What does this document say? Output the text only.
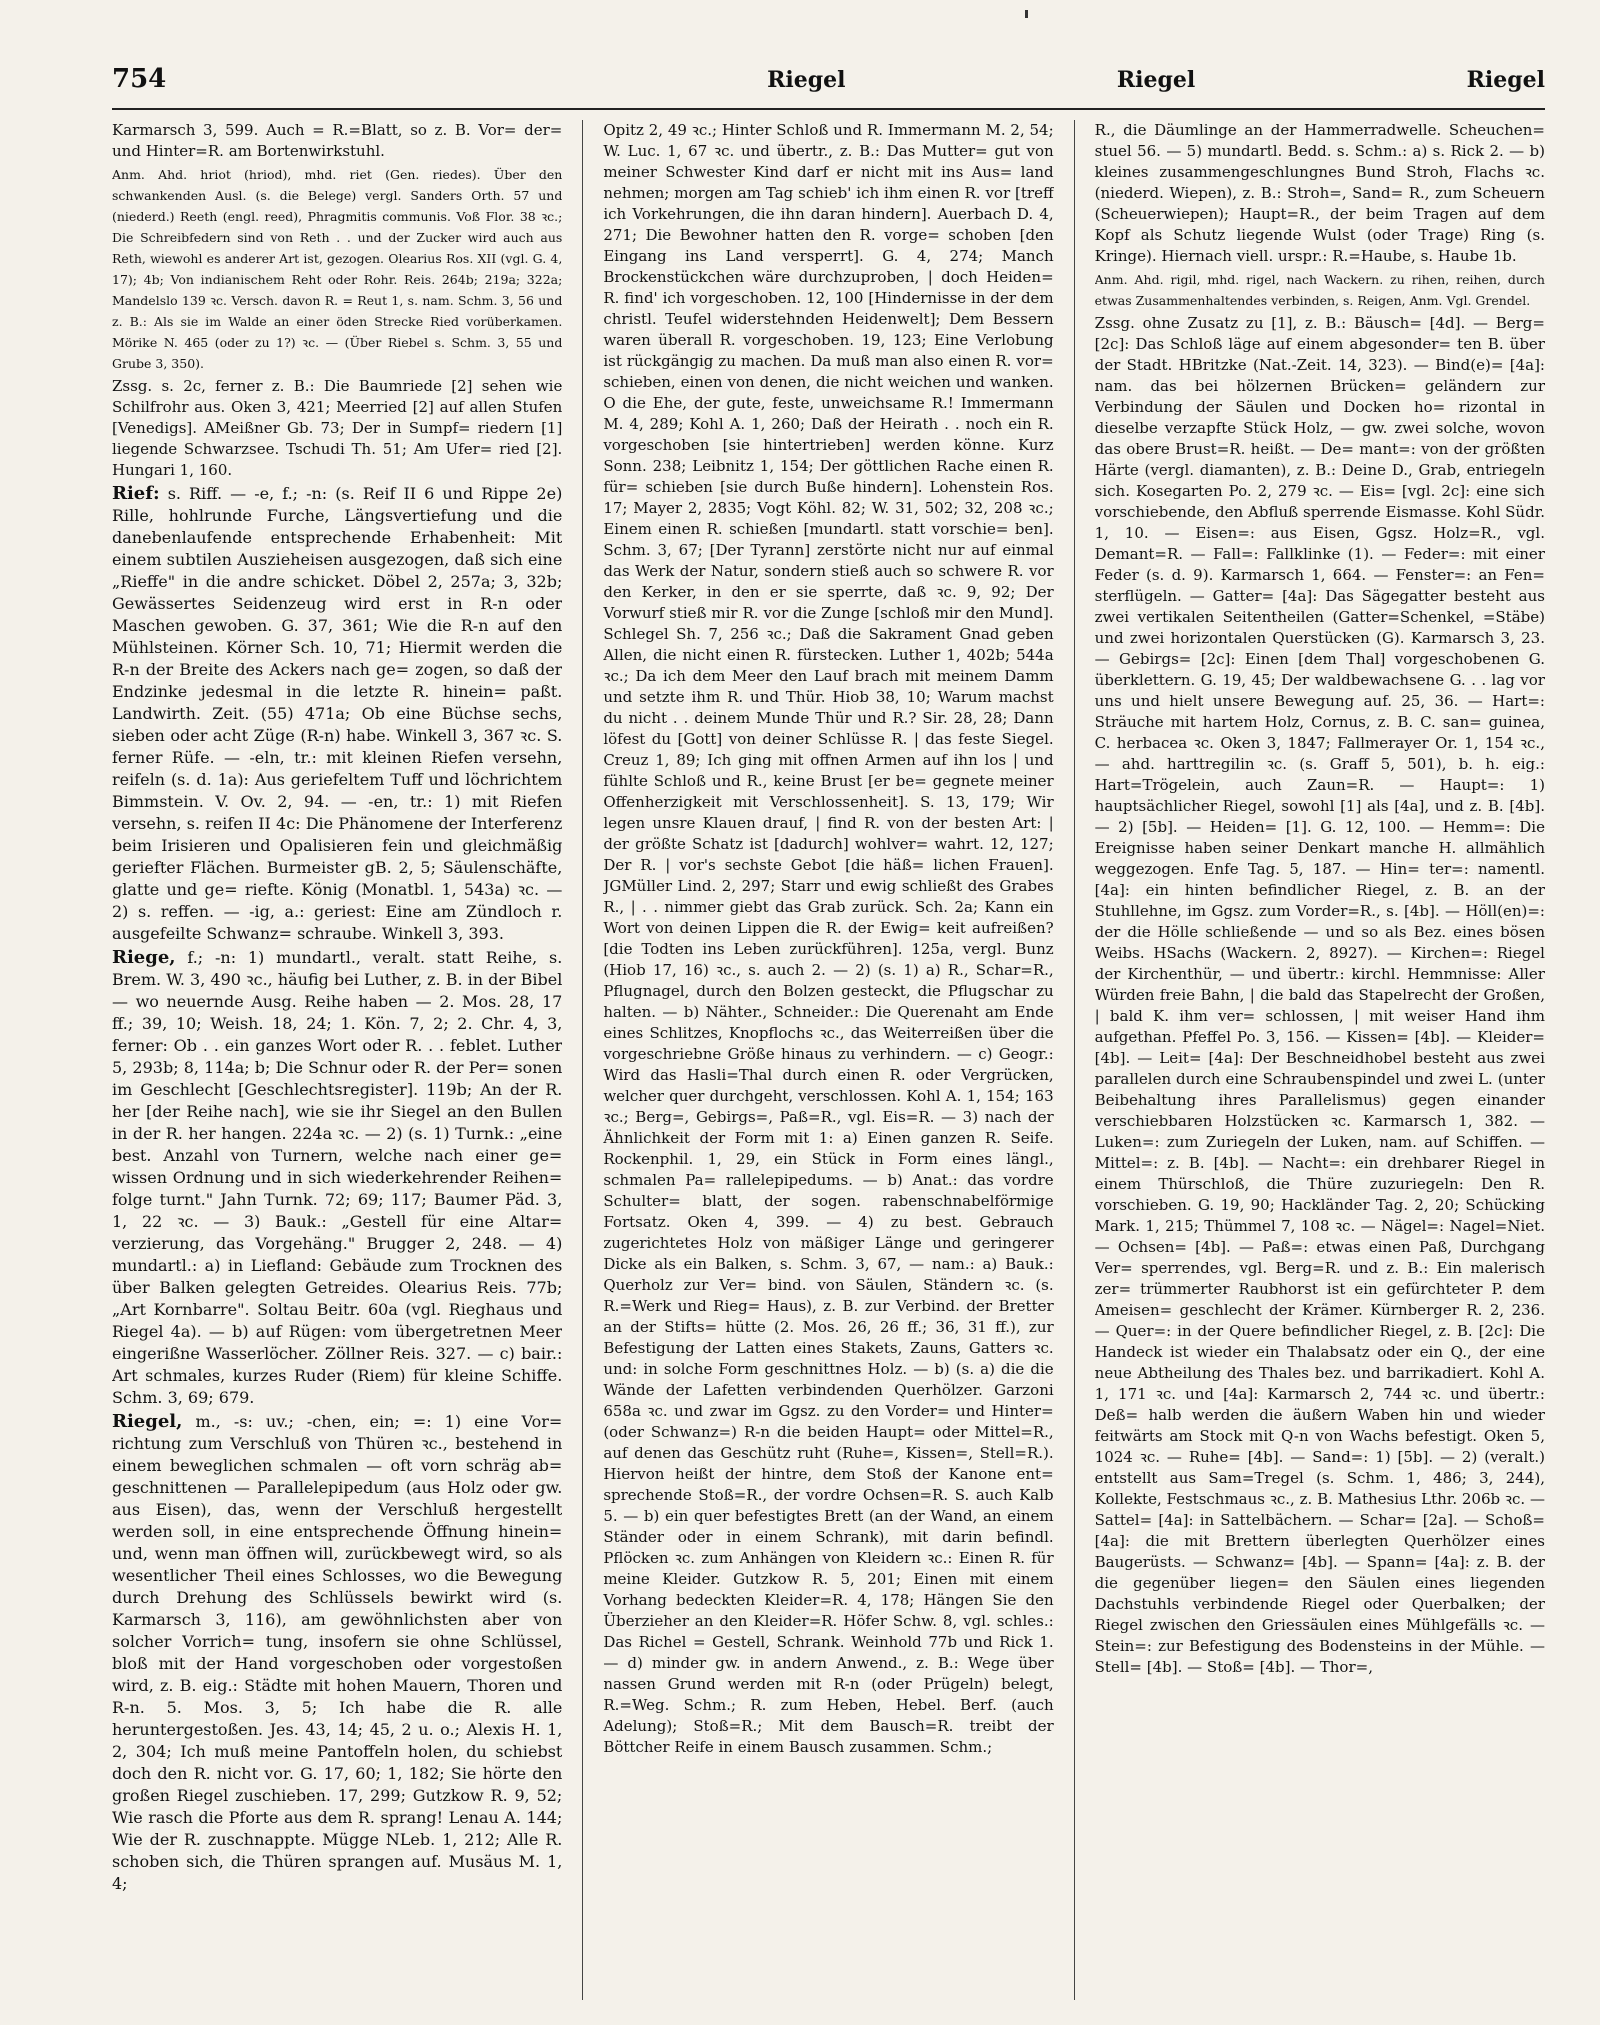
754	Riegel	Riegel	Riegel

Karmarsch 3, 599. Auch = R.=Blatt, so z. B. Vor= der= und Hinter=R. am Bortenwirkstuhl.

Anm. Ahd. hriot (hriod), mhd. riet (Gen. riedes). Über den schwankenden Ausl. (s. die Belege) vergl. Sanders Orth. 57 und (niederd.) Reeth (engl. reed), Phragmitis communis. Voß Flor. 38 ꝛc.; Die Schreibfedern sind von Reth . . und der Zucker wird auch aus Reth, wiewohl es anderer Art ist, gezogen. Olearius Ros. XII (vgl. G. 4, 17); 4b; Von indianischem Reht oder Rohr. Reis. 264b; 219a; 322a; Mandelslo 139 ꝛc. Versch. davon R. = Reut 1, s. nam. Schm. 3, 56 und z. B.: Als sie im Walde an einer öden Strecke Ried vorüberkamen. Mörike N. 465 (oder zu 1?) ꝛc. — (Über Riebel s. Schm. 3, 55 und Grube 3, 350).

Zssg. s. 2c, ferner z. B.: Die Baumriede [2] sehen wie Schilfrohr aus. Oken 3, 421; Meerried [2] auf allen Stufen [Venedigs]. AMeißner Gb. 73; Der in Sumpf= riedern [1] liegende Schwarzsee. Tschudi Th. 51; Am Ufer= ried [2]. Hungari 1, 160.

Rief: s. Riff. — -e, f.; -n: (s. Reif II 6 und Rippe 2e) Rille, hohlrunde Furche, Längsvertiefung und die danebenlaufende entsprechende Erhabenheit: Mit einem subtilen Auszieheisen ausgezogen, daß sich eine „Rieffe" in die andre schicket. Döbel 2, 257a; 3, 32b; Gewässertes Seidenzeug wird erst in R-n oder Maschen gewoben. G. 37, 361; Wie die R-n auf den Mühlsteinen. Körner Sch. 10, 71; Hiermit werden die R-n der Breite des Ackers nach ge= zogen, so daß der Endzinke jedesmal in die letzte R. hinein= paßt. Landwirth. Zeit. (55) 471a; Ob eine Büchse sechs, sieben oder acht Züge (R-n) habe. Winkell 3, 367 ꝛc. S. ferner Rüfe. — -eln, tr.: mit kleinen Riefen versehn, reifeln (s. d. 1a): Aus geriefeltem Tuff und löchrichtem Bimmstein. V. Ov. 2, 94. — -en, tr.: 1) mit Riefen versehn, s. reifen II 4c: Die Phänomene der Interferenz beim Irisieren und Opalisieren fein und gleichmäßig geriefter Flächen. Burmeister gB. 2, 5; Säulenschäfte, glatte und ge= riefte. König (Monatbl. 1, 543a) ꝛc. — 2) s. reffen. — -ig, a.: geriest: Eine am Zündloch r. ausgefeilte Schwanz= schraube. Winkell 3, 393.

Riege, f.; -n: 1) mundartl., veralt. statt Reihe, s. Brem. W. 3, 490 ꝛc., häufig bei Luther, z. B. in der Bibel — wo neuernde Ausg. Reihe haben — 2. Mos. 28, 17 ff.; 39, 10; Weish. 18, 24; 1. Kön. 7, 2; 2. Chr. 4, 3, ferner: Ob . . ein ganzes Wort oder R. . . feblet. Luther 5, 293b; 8, 114a; b; Die Schnur oder R. der Per= sonen im Geschlecht [Geschlechtsregister]. 119b; An der R. her [der Reihe nach], wie sie ihr Siegel an den Bullen in der R. her hangen. 224a ꝛc. — 2) (s. 1) Turnk.: „eine best. Anzahl von Turnern, welche nach einer ge= wissen Ordnung und in sich wiederkehrender Reihen= folge turnt." Jahn Turnk. 72; 69; 117; Baumer Päd. 3, 1, 22 ꝛc. — 3) Bauk.: „Gestell für eine Altar= verzierung, das Vorgehäng." Brugger 2, 248. — 4) mundartl.: a) in Liefland: Gebäude zum Trocknen des über Balken gelegten Getreides. Olearius Reis. 77b; „Art Kornbarre". Soltau Beitr. 60a (vgl. Rieghaus und Riegel 4a). — b) auf Rügen: vom übergetretnen Meer eingerißne Wasserlöcher. Zöllner Reis. 327. — c) bair.: Art schmales, kurzes Ruder (Riem) für kleine Schiffe. Schm. 3, 69; 679.

Riegel, m., -s: uv.; -chen, ein; =: 1) eine Vor= richtung zum Verschluß von Thüren ꝛc., bestehend in einem beweglichen schmalen — oft vorn schräg ab= geschnittenen — Parallelepipedum (aus Holz oder gw. aus Eisen), das, wenn der Verschluß hergestellt werden soll, in eine entsprechende Öffnung hinein= und, wenn man öffnen will, zurückbewegt wird, so als wesentlicher Theil eines Schlosses, wo die Bewegung durch Drehung des Schlüssels bewirkt wird (s. Karmarsch 3, 116), am gewöhnlichsten aber von solcher Vorrich= tung, insofern sie ohne Schlüssel, bloß mit der Hand vorgeschoben oder vorgestoßen wird, z. B. eig.: Städte mit hohen Mauern, Thoren und R-n. 5. Mos. 3, 5; Ich habe die R. alle heruntergestoßen. Jes. 43, 14; 45, 2 u. o.; Alexis H. 1, 2, 304; Ich muß meine Pantoffeln holen, du schiebst doch den R. nicht vor. G. 17, 60; 1, 182; Sie hörte den großen Riegel zuschieben. 17, 299; Gutzkow R. 9, 52; Wie rasch die Pforte aus dem R. sprang! Lenau A. 144; Wie der R. zuschnappte. Mügge NLeb. 1, 212; Alle R. schoben sich, die Thüren sprangen auf. Musäus M. 1, 4;

Opitz 2, 49 ꝛc.; Hinter Schloß und R. Immermann M. 2, 54; W. Luc. 1, 67 ꝛc. und übertr., z. B.: Das Mutter= gut von meiner Schwester Kind darf er nicht mit ins Aus= land nehmen; morgen am Tag schieb' ich ihm einen R. vor [treff ich Vorkehrungen, die ihn daran hindern]. Auerbach D. 4, 271; Die Bewohner hatten den R. vorge= schoben [den Eingang ins Land versperrt]. G. 4, 274; Manch Brockenstückchen wäre durchzuproben, | doch Heiden= R. find' ich vorgeschoben. 12, 100 [Hindernisse in der dem christl. Teufel widerstehnden Heidenwelt]; Dem Bessern waren überall R. vorgeschoben. 19, 123; Eine Verlobung ist rückgängig zu machen. Da muß man also einen R. vor= schieben, einen von denen, die nicht weichen und wanken. O die Ehe, der gute, feste, unweichsame R.! Immermann M. 4, 289; Kohl A. 1, 260; Daß der Heirath . . noch ein R. vorgeschoben [sie hintertrieben] werden könne. Kurz Sonn. 238; Leibnitz 1, 154; Der göttlichen Rache einen R. für= schieben [sie durch Buße hindern]. Lohenstein Ros. 17; Mayer 2, 2835; Vogt Köhl. 82; W. 31, 502; 32, 208 ꝛc.; Einem einen R. schießen [mundartl. statt vorschie= ben]. Schm. 3, 67; [Der Tyrann] zerstörte nicht nur auf einmal das Werk der Natur, sondern stieß auch so schwere R. vor den Kerker, in den er sie sperrte, daß ꝛc. 9, 92; Der Vorwurf stieß mir R. vor die Zunge [schloß mir den Mund]. Schlegel Sh. 7, 256 ꝛc.; Daß die Sakrament Gnad geben Allen, die nicht einen R. fürstecken. Luther 1, 402b; 544a ꝛc.; Da ich dem Meer den Lauf brach mit meinem Damm und setzte ihm R. und Thür. Hiob 38, 10; Warum machst du nicht . . deinem Munde Thür und R.? Sir. 28, 28; Dann löfest du [Gott] von deiner Schlüsse R. | das feste Siegel. Creuz 1, 89; Ich ging mit offnen Armen auf ihn los | und fühlte Schloß und R., keine Brust [er be= gegnete meiner Offenherzigkeit mit Verschlossenheit]. S. 13, 179; Wir legen unsre Klauen drauf, | find R. von der besten Art: | der größte Schatz ist [dadurch] wohlver= wahrt. 12, 127; Der R. | vor's sechste Gebot [die häß= lichen Frauen]. JGMüller Lind. 2, 297; Starr und ewig schließt des Grabes R., | . . nimmer giebt das Grab zurück. Sch. 2a; Kann ein Wort von deinen Lippen die R. der Ewig= keit aufreißen? [die Todten ins Leben zurückführen]. 125a, vergl. Bunz (Hiob 17, 16) ꝛc., s. auch 2. — 2) (s. 1) a) R., Schar=R., Pflugnagel, durch den Bolzen gesteckt, die Pflugschar zu halten. — b) Nähter., Schneider.: Die Querenaht am Ende eines Schlitzes, Knopflochs ꝛc., das Weiterreißen über die vorgeschriebne Größe hinaus zu verhindern. — c) Geogr.: Wird das Hasli=Thal durch einen R. oder Vergrücken, welcher quer durchgeht, verschlossen. Kohl A. 1, 154; 163 ꝛc.; Berg=, Gebirgs=, Paß=R., vgl. Eis=R. — 3) nach der Ähnlichkeit der Form mit 1: a) Einen ganzen R. Seife. Rockenphil. 1, 29, ein Stück in Form eines längl., schmalen Pa= rallelepipedums. — b) Anat.: das vordre Schulter= blatt, der sogen. rabenschnabelförmige Fortsatz. Oken 4, 399. — 4) zu best. Gebrauch zugerichtetes Holz von mäßiger Länge und geringerer Dicke als ein Balken, s. Schm. 3, 67, — nam.: a) Bauk.: Querholz zur Ver= bind. von Säulen, Ständern ꝛc. (s. R.=Werk und Rieg= Haus), z. B. zur Verbind. der Bretter an der Stifts= hütte (2. Mos. 26, 26 ff.; 36, 31 ff.), zur Befestigung der Latten eines Stakets, Zauns, Gatters ꝛc. und: in solche Form geschnittnes Holz. — b) (s. a) die die Wände der Lafetten verbindenden Querhölzer. Garzoni 658a ꝛc. und zwar im Ggsz. zu den Vorder= und Hinter= (oder Schwanz=) R-n die beiden Haupt= oder Mittel=R., auf denen das Geschütz ruht (Ruhe=, Kissen=, Stell=R.). Hiervon heißt der hintre, dem Stoß der Kanone ent= sprechende Stoß=R., der vordre Ochsen=R. S. auch Kalb 5. — b) ein quer befestigtes Brett (an der Wand, an einem Ständer oder in einem Schrank), mit darin befindl. Pflöcken ꝛc. zum Anhängen von Kleidern ꝛc.: Einen R. für meine Kleider. Gutzkow R. 5, 201; Einen mit einem Vorhang bedeckten Kleider=R. 4, 178; Hängen Sie den Überzieher an den Kleider=R. Höfer Schw. 8, vgl. schles.: Das Richel = Gestell, Schrank. Weinhold 77b und Rick 1. — d) minder gw. in andern Anwend., z. B.: Wege über nassen Grund werden mit R-n (oder Prügeln) belegt, R.=Weg. Schm.; R. zum Heben, Hebel. Berf. (auch Adelung); Stoß=R.; Mit dem Bausch=R. treibt der Böttcher Reife in einem Bausch zusammen. Schm.;

R., die Däumlinge an der Hammerradwelle. Scheuchen= stuel 56. — 5) mundartl. Bedd. s. Schm.: a) s. Rick 2. — b) kleines zusammengeschlungnes Bund Stroh, Flachs ꝛc. (niederd. Wiepen), z. B.: Stroh=, Sand= R., zum Scheuern (Scheuerwiepen); Haupt=R., der beim Tragen auf dem Kopf als Schutz liegende Wulst (oder Trage) Ring (s. Kringe). Hiernach viell. urspr.: R.=Haube, s. Haube 1b.

Anm. Ahd. rigil, mhd. rigel, nach Wackern. zu rihen, reihen, durch etwas Zusammenhaltendes verbinden, s. Reigen, Anm. Vgl. Grendel.

Zssg. ohne Zusatz zu [1], z. B.: Bäusch= [4d]. — Berg= [2c]: Das Schloß läge auf einem abgesonder= ten B. über der Stadt. HBritzke (Nat.-Zeit. 14, 323). — Bind(e)= [4a]: nam. das bei hölzernen Brücken= geländern zur Verbindung der Säulen und Docken ho= rizontal in dieselbe verzapfte Stück Holz, — gw. zwei solche, wovon das obere Brust=R. heißt. — De= mant=: von der größten Härte (vergl. diamanten), z. B.: Deine D., Grab, entriegeln sich. Kosegarten Po. 2, 279 ꝛc. — Eis= [vgl. 2c]: eine sich vorschiebende, den Abfluß sperrende Eismasse. Kohl Südr. 1, 10. — Eisen=: aus Eisen, Ggsz. Holz=R., vgl. Demant=R. — Fall=: Fallklinke (1). — Feder=: mit einer Feder (s. d. 9). Karmarsch 1, 664. — Fenster=: an Fen= sterflügeln. — Gatter= [4a]: Das Sägegatter besteht aus zwei vertikalen Seitentheilen (Gatter=Schenkel, =Stäbe) und zwei horizontalen Querstücken (G). Karmarsch 3, 23. — Gebirgs= [2c]: Einen [dem Thal] vorgeschobenen G. überklettern. G. 19, 45; Der waldbewachsene G. . . lag vor uns und hielt unsere Bewegung auf. 25, 36. — Hart=: Sträuche mit hartem Holz, Cornus, z. B. C. san= guinea, C. herbacea ꝛc. Oken 3, 1847; Fallmerayer Or. 1, 154 ꝛc., — ahd. harttregilin ꝛc. (s. Graff 5, 501), b. h. eig.: Hart=Trögelein, auch Zaun=R. — Haupt=: 1) hauptsächlicher Riegel, sowohl [1] als [4a], und z. B. [4b]. — 2) [5b]. — Heiden= [1]. G. 12, 100. — Hemm=: Die Ereignisse haben seiner Denkart manche H. allmählich weggezogen. Enfe Tag. 5, 187. — Hin= ter=: namentl. [4a]: ein hinten befindlicher Riegel, z. B. an der Stuhllehne, im Ggsz. zum Vorder=R., s. [4b]. — Höll(en)=: der die Hölle schließende — und so als Bez. eines bösen Weibs. HSachs (Wackern. 2, 8927). — Kirchen=: Riegel der Kirchenthür, — und übertr.: kirchl. Hemmnisse: Aller Würden freie Bahn, | die bald das Stapelrecht der Großen, | bald K. ihm ver= schlossen, | mit weiser Hand ihm aufgethan. Pfeffel Po. 3, 156. — Kissen= [4b]. — Kleider= [4b]. — Leit= [4a]: Der Beschneidhobel besteht aus zwei parallelen durch eine Schraubenspindel und zwei L. (unter Beibehaltung ihres Parallelismus) gegen einander verschiebbaren Holzstücken ꝛc. Karmarsch 1, 382. — Luken=: zum Zuriegeln der Luken, nam. auf Schiffen. — Mittel=: z. B. [4b]. — Nacht=: ein drehbarer Riegel in einem Thürschloß, die Thüre zuzuriegeln: Den R. vorschieben. G. 19, 90; Hackländer Tag. 2, 20; Schücking Mark. 1, 215; Thümmel 7, 108 ꝛc. — Nägel=: Nagel=Niet. — Ochsen= [4b]. — Paß=: etwas einen Paß, Durchgang Ver= sperrendes, vgl. Berg=R. und z. B.: Ein malerisch zer= trümmerter Raubhorst ist ein gefürchteter P. dem Ameisen= geschlecht der Krämer. Kürnberger R. 2, 236. — Quer=: in der Quere befindlicher Riegel, z. B. [2c]: Die Handeck ist wieder ein Thalabsatz oder ein Q., der eine neue Abtheilung des Thales bez. und barrikadiert. Kohl A. 1, 171 ꝛc. und [4a]: Karmarsch 2, 744 ꝛc. und übertr.: Deß= halb werden die äußern Waben hin und wieder feitwärts am Stock mit Q-n von Wachs befestigt. Oken 5, 1024 ꝛc. — Ruhe= [4b]. — Sand=: 1) [5b]. — 2) (veralt.) entstellt aus Sam=Tregel (s. Schm. 1, 486; 3, 244), Kollekte, Festschmaus ꝛc., z. B. Mathesius Lthr. 206b ꝛc. — Sattel= [4a]: in Sattelbächern. — Schar= [2a]. — Schoß= [4a]: die mit Brettern überlegten Querhölzer eines Baugerüsts. — Schwanz= [4b]. — Spann= [4a]: z. B. der die gegenüber liegen= den Säulen eines liegenden Dachstuhls verbindende Riegel oder Querbalken; der Riegel zwischen den Griessäulen eines Mühlgefälls ꝛc. — Stein=: zur Befestigung des Bodensteins in der Mühle. — Stell= [4b]. — Stoß= [4b]. — Thor=,
